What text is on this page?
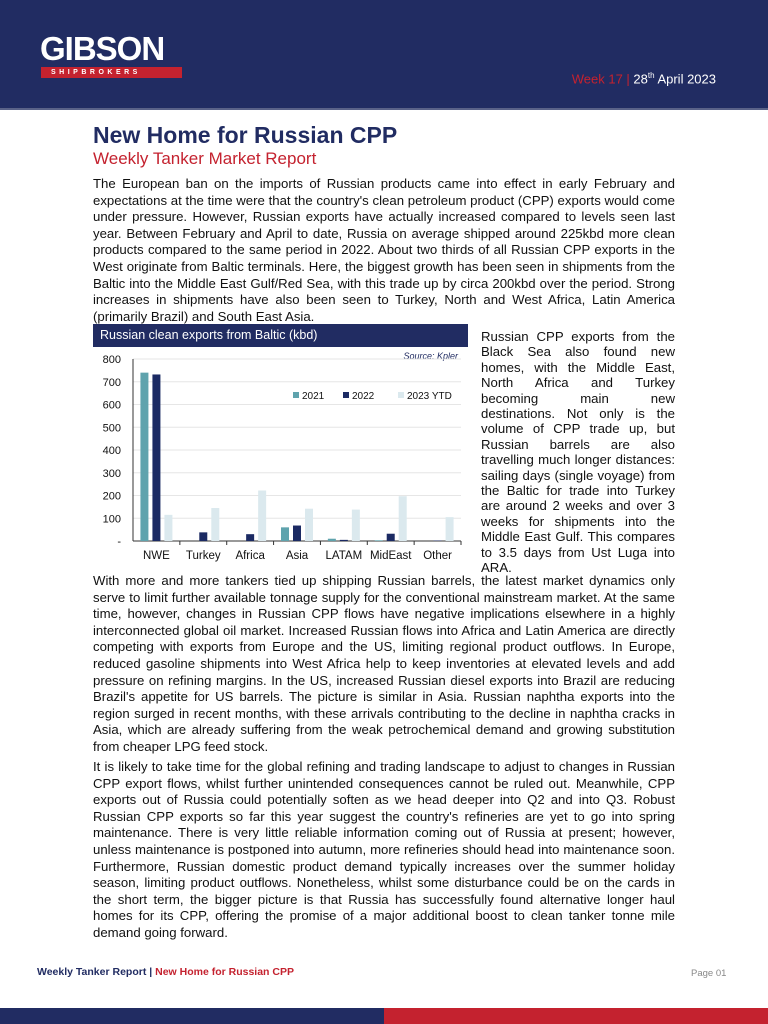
GIBSON
SHIPBROKERS	Week 17 | 28th April 2023
New Home for Russian CPP
Weekly Tanker Market Report
The European ban on the imports of Russian products came into effect in early February and expectations at the time were that the country's clean petroleum product (CPP) exports would come under pressure. However, Russian exports have actually increased compared to levels seen last year. Between February and April to date, Russia on average shipped around 225kbd more clean products compared to the same period in 2022. About two thirds of all Russian CPP exports in the West originate from Baltic terminals. Here, the biggest growth has been seen in shipments from the Baltic into the Middle East Gulf/Red Sea, with this trade up by circa 200kbd over the period. Strong increases in shipments have also been seen to Turkey, North and West Africa, Latin America (primarily Brazil) and South East Asia.
Russian clean exports from Baltic (kbd)
Source: Kpler
-
100
200
300
400
500
600
700
800
NWE Turkey Africa Asia LATAM MidEast Other
2021	2022	2023 YTD
Russian CPP exports from the Black Sea also found new homes, with the Middle East, North Africa and Turkey becoming main new destinations. Not only is the volume of CPP trade up, but Russian barrels are also travelling much longer distances: sailing days (single voyage) from the Baltic for trade into Turkey are around 2 weeks and over 3 weeks for shipments into the Middle East Gulf. This compares to 3.5 days from Ust Luga into ARA.
With more and more tankers tied up shipping Russian barrels, the latest market dynamics only serve to limit further available tonnage supply for the conventional mainstream market. At the same time, however, changes in Russian CPP flows have negative implications elsewhere in a highly interconnected global oil market. Increased Russian flows into Africa and Latin America are directly competing with exports from Europe and the US, limiting regional product outflows. In Europe, reduced gasoline shipments into West Africa help to keep inventories at elevated levels and add pressure on refining margins. In the US, increased Russian diesel exports into Brazil are reducing Brazil's appetite for US barrels. The picture is similar in Asia. Russian naphtha exports into the region surged in recent months, with these arrivals contributing to the decline in naphtha cracks in Asia, which are already suffering from the weak petrochemical demand and growing substitution from cheaper LPG feed stock.
It is likely to take time for the global refining and trading landscape to adjust to changes in Russian CPP export flows, whilst further unintended consequences cannot be ruled out. Meanwhile, CPP exports out of Russia could potentially soften as we head deeper into Q2 and into Q3. Robust Russian CPP exports so far this year suggest the country's refineries are yet to go into spring maintenance. There is very little reliable information coming out of Russia at present; however, unless maintenance is postponed into autumn, more refineries should head into maintenance soon. Furthermore, Russian domestic product demand typically increases over the summer holiday season, limiting product outflows. Nonetheless, whilst some disturbance could be on the cards in the short term, the bigger picture is that Russia has successfully found alternative longer haul homes for its CPP, offering the promise of a major additional boost to clean tanker tonne mile demand going forward.
Weekly Tanker Report | New Home for Russian CPP	Page 01
